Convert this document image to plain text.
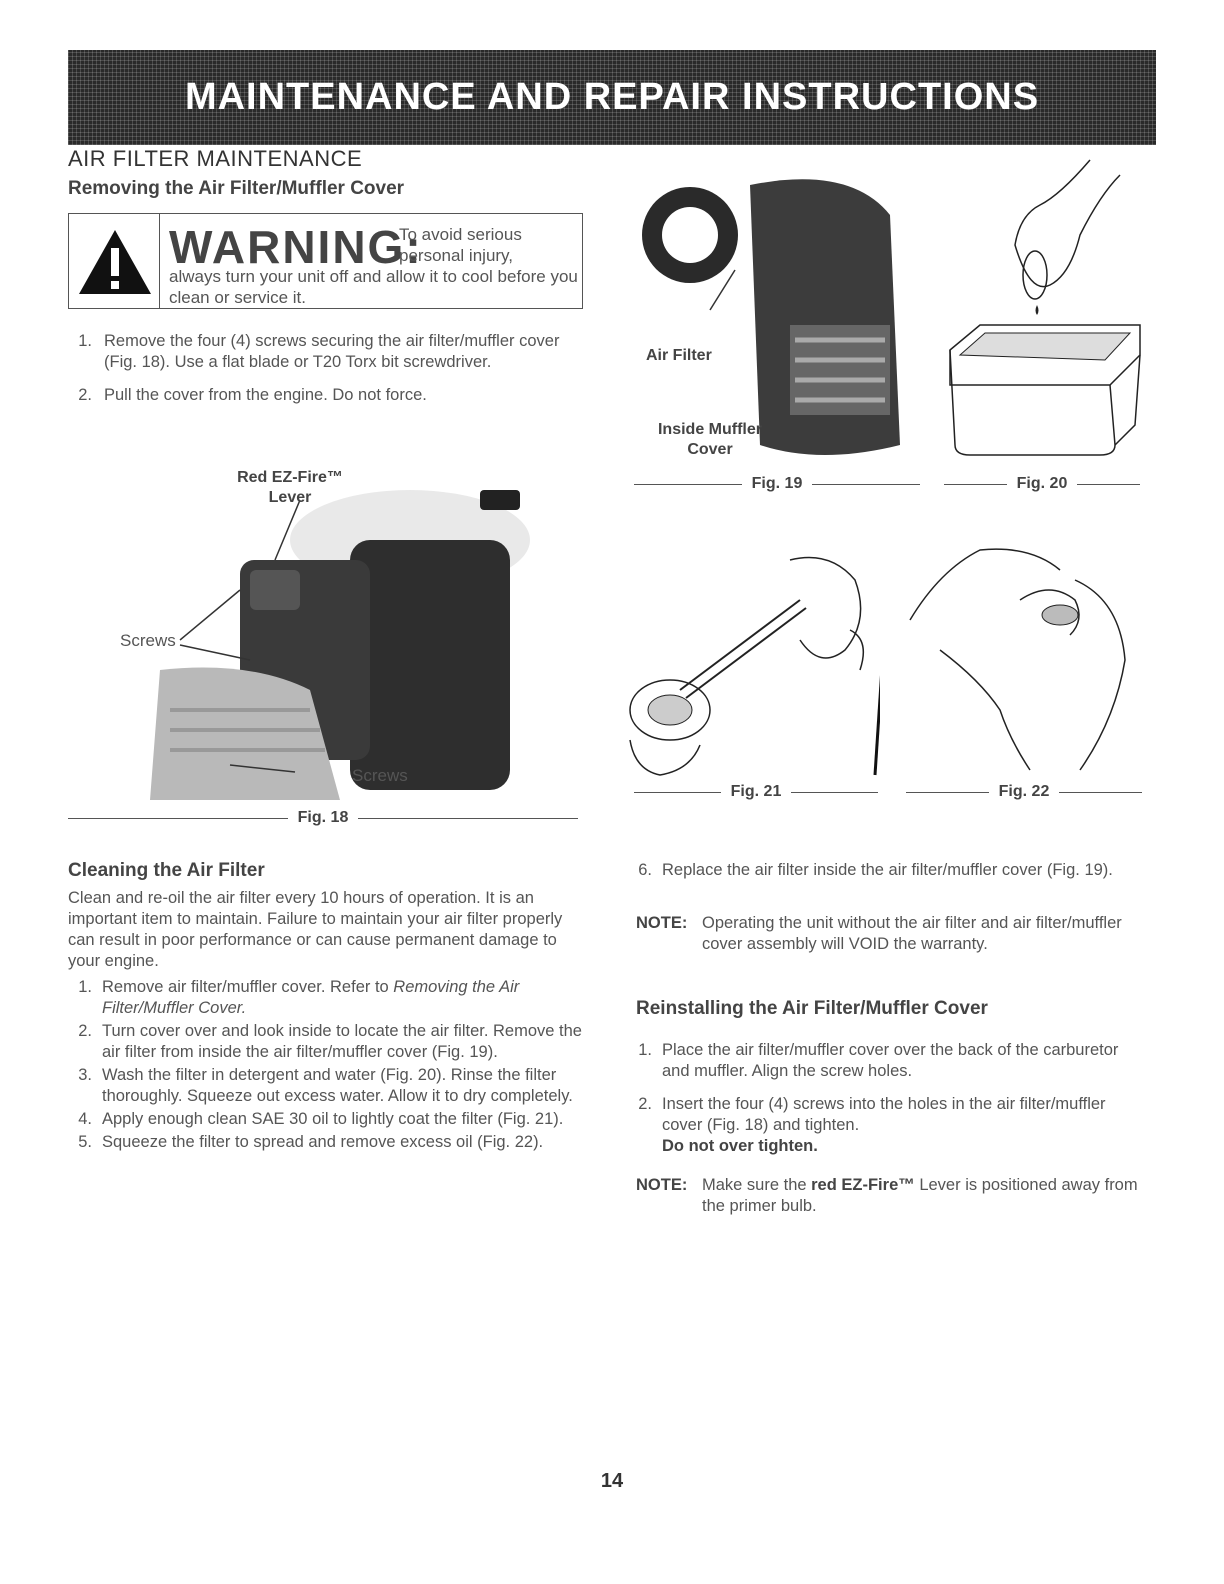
MAINTENANCE AND REPAIR INSTRUCTIONS
AIR FILTER MAINTENANCE
Removing the Air Filter/Muffler Cover
WARNING:
To avoid serious personal injury,
always turn your unit off and allow it to cool before you clean or service it.
1. Remove the four (4) screws securing the air filter/muffler cover (Fig. 18). Use a flat blade or T20 Torx bit screwdriver.
2. Pull the cover from the engine. Do not force.
Red EZ-Fire™
Lever
Screws
Screws
Fig. 18
Air Filter
Inside Muffler
Cover
Fig. 19	Fig. 20
Fig. 21	Fig. 22
Cleaning the Air Filter

Clean and re-oil the air filter every 10 hours of operation. It is an important item to maintain. Failure to maintain your air filter properly can result in poor performance or can cause permanent damage to your engine.

1. Remove air filter/muffler cover. Refer to Removing the Air Filter/Muffler Cover.
2. Turn cover over and look inside to locate the air filter. Remove the air filter from inside the air filter/muffler cover (Fig. 19).
3. Wash the filter in detergent and water (Fig. 20). Rinse the filter thoroughly. Squeeze out excess water. Allow it to dry completely.
4. Apply enough clean SAE 30 oil to lightly coat the filter (Fig. 21).
5. Squeeze the filter to spread and remove excess oil (Fig. 22).
6. Replace the air filter inside the air filter/muffler cover (Fig. 19).
NOTE: Operating the unit without the air filter and air filter/muffler cover assembly will VOID the warranty.
Reinstalling the Air Filter/Muffler Cover
1. Place the air filter/muffler cover over the back of the carburetor and muffler. Align the screw holes.
2. Insert the four (4) screws into the holes in the air filter/muffler cover (Fig. 18) and tighten.
Do not over tighten.
NOTE: Make sure the red EZ-Fire™ Lever is positioned away from the primer bulb.
14
